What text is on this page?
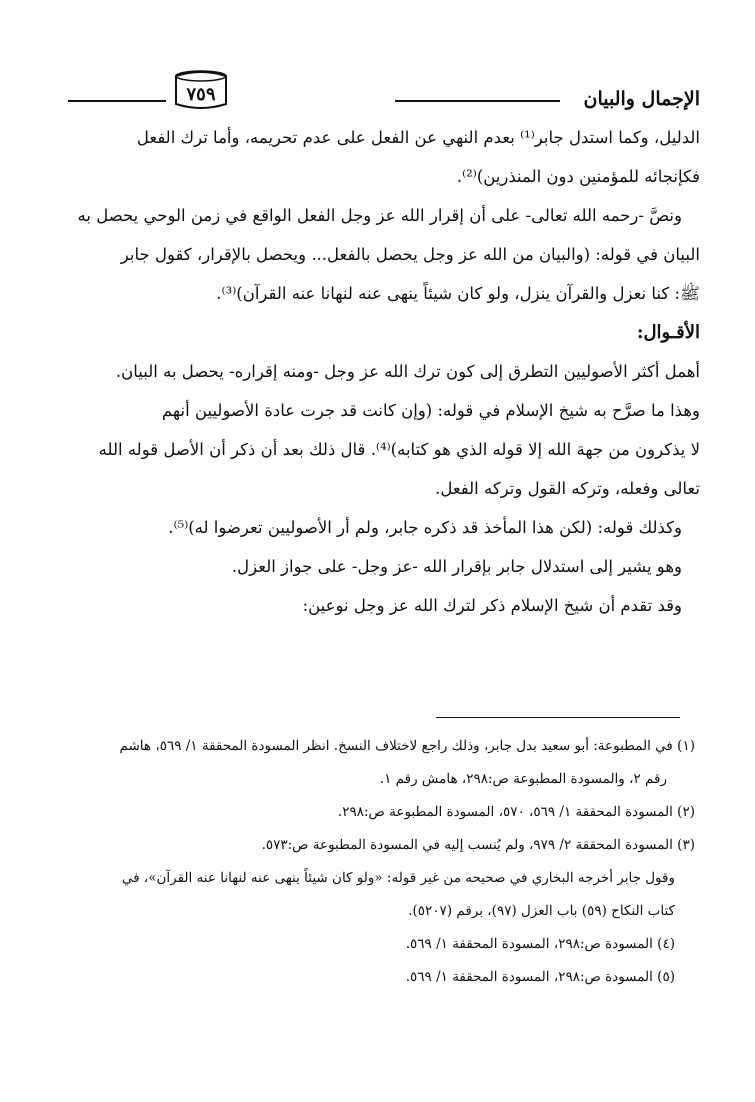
الإجمال والبيان
٧٥٩

الدليل، وكما استدل جابر⁽¹⁾ بعدم النهي عن الفعل على عدم تحريمه، وأما ترك الفعل

فكإنجائه للمؤمنين دون المنذرين)⁽²⁾.

ونصَّ -رحمه الله تعالى- على أن إقرار الله عز وجل الفعل الواقع في زمن الوحي يحصل به

البيان في قوله: (والبيان من الله عز وجل يحصل بالفعل... ويحصل بالإقرار، كقول جابر

ﷺ: كنا نعزل والقرآن ينزل، ولو كان شيئاً ينهى عنه لنهانا عنه القرآن)⁽³⁾.

الأقـوال:

أهمل أكثر الأصوليين التطرق إلى كون ترك الله عز وجل -ومنه إقراره- يحصل به البيان.

وهذا ما صرَّح به شيخ الإسلام في قوله: (وإن كانت قد جرت عادة الأصوليين أنهم

لا يذكرون من جهة الله إلا قوله الذي هو كتابه)⁽⁴⁾. قال ذلك بعد أن ذكر أن الأصل قوله الله

تعالى وفعله، وتركه القول وتركه الفعل.

وكذلك قوله: (لكن هذا المأخذ قد ذكره جابر، ولم أر الأصوليين تعرضوا له)⁽⁵⁾.

وهو يشير إلى استدلال جابر بإقرار الله -عز وجل- على جواز العزل.

وقد تقدم أن شيخ الإسلام ذكر لترك الله عز وجل نوعين:

(١) في المطبوعة: أبو سعيد بدل جابر، وذلك راجع لاختلاف النسخ. انظر المسودة المحققة ١/ ٥٦٩، هاشم

رقم ٢، والمسودة المطبوعة ص:٢٩٨، هامش رقم ١.

(٢) المسودة المحققة ١/ ٥٦٩، ٥٧٠، المسودة المطبوعة ص:٢٩٨.

(٣) المسودة المحققة ٢/ ٩٧٩، ولم يُنسب إليه في المسودة المطبوعة ص:٥٧٣.

وقول جابر أخرجه البخاري في صحيحه من غير قوله: «ولو كان شيئاً ينهى عنه لنهانا عنه القرآن»، في

كتاب النكاح (٥٩) باب العزل (٩٧)، برقم (٥٢٠٧).

(٤) المسودة ص:٢٩٨، المسودة المحققة ١/ ٥٦٩.

(٥) المسودة ص:٢٩٨، المسودة المحققة ١/ ٥٦٩.
